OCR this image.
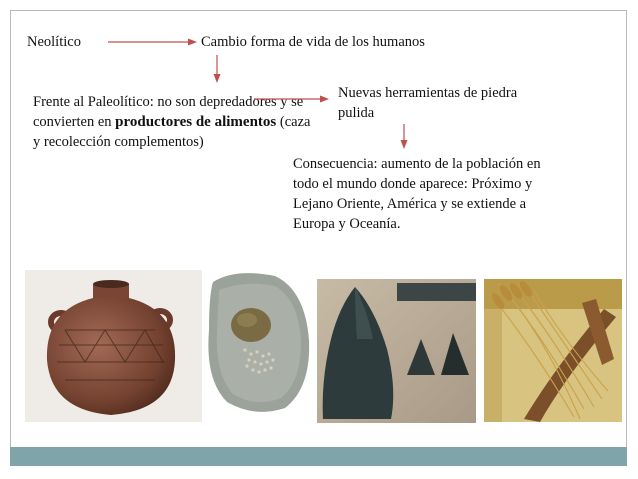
Neolítico	Cambio forma de vida de los humanos

Frente al Paleolítico: no son depredadores y se convierten en productores de alimentos (caza y recolección complementos)

Nuevas herramientas de piedra pulida

Consecuencia: aumento de la población en todo el mundo donde aparece: Próximo y Lejano Oriente, América y se extiende a Europa y Oceanía.
